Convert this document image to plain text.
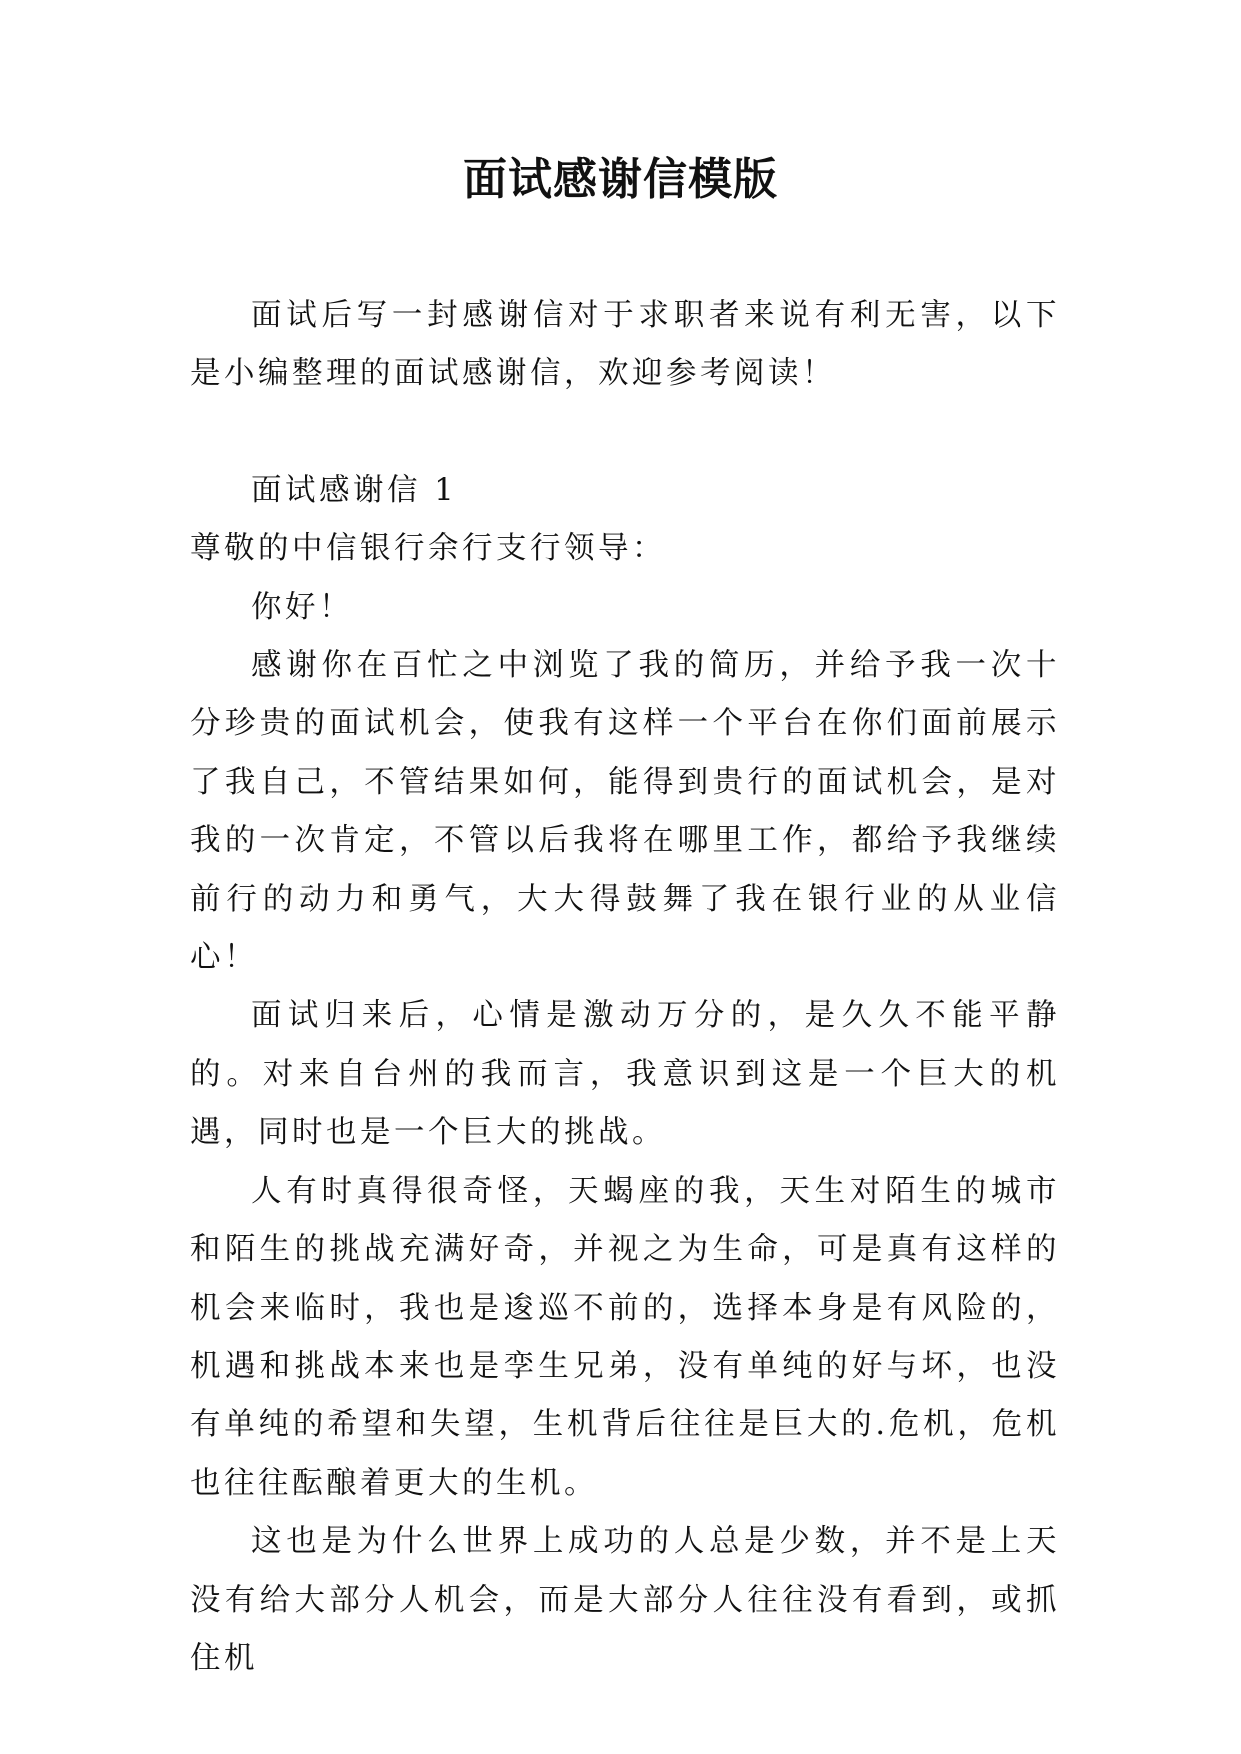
面试感谢信模版

面试后写一封感谢信对于求职者来说有利无害，以下是小编整理的面试感谢信，欢迎参考阅读！

面试感谢信 1

尊敬的中信银行余行支行领导：

你好！

感谢你在百忙之中浏览了我的简历，并给予我一次十分珍贵的面试机会，使我有这样一个平台在你们面前展示了我自己，不管结果如何，能得到贵行的面试机会，是对我的一次肯定，不管以后我将在哪里工作，都给予我继续前行的动力和勇气，大大得鼓舞了我在银行业的从业信心！

面试归来后，心情是激动万分的，是久久不能平静的。对来自台州的我而言，我意识到这是一个巨大的机遇，同时也是一个巨大的挑战。

人有时真得很奇怪，天蝎座的我，天生对陌生的城市和陌生的挑战充满好奇，并视之为生命，可是真有这样的机会来临时，我也是逡巡不前的，选择本身是有风险的，机遇和挑战本来也是孪生兄弟，没有单纯的好与坏，也没有单纯的希望和失望，生机背后往往是巨大的.危机，危机也往往酝酿着更大的生机。

这也是为什么世界上成功的人总是少数，并不是上天没有给大部分人机会，而是大部分人往往没有看到，或抓住机
